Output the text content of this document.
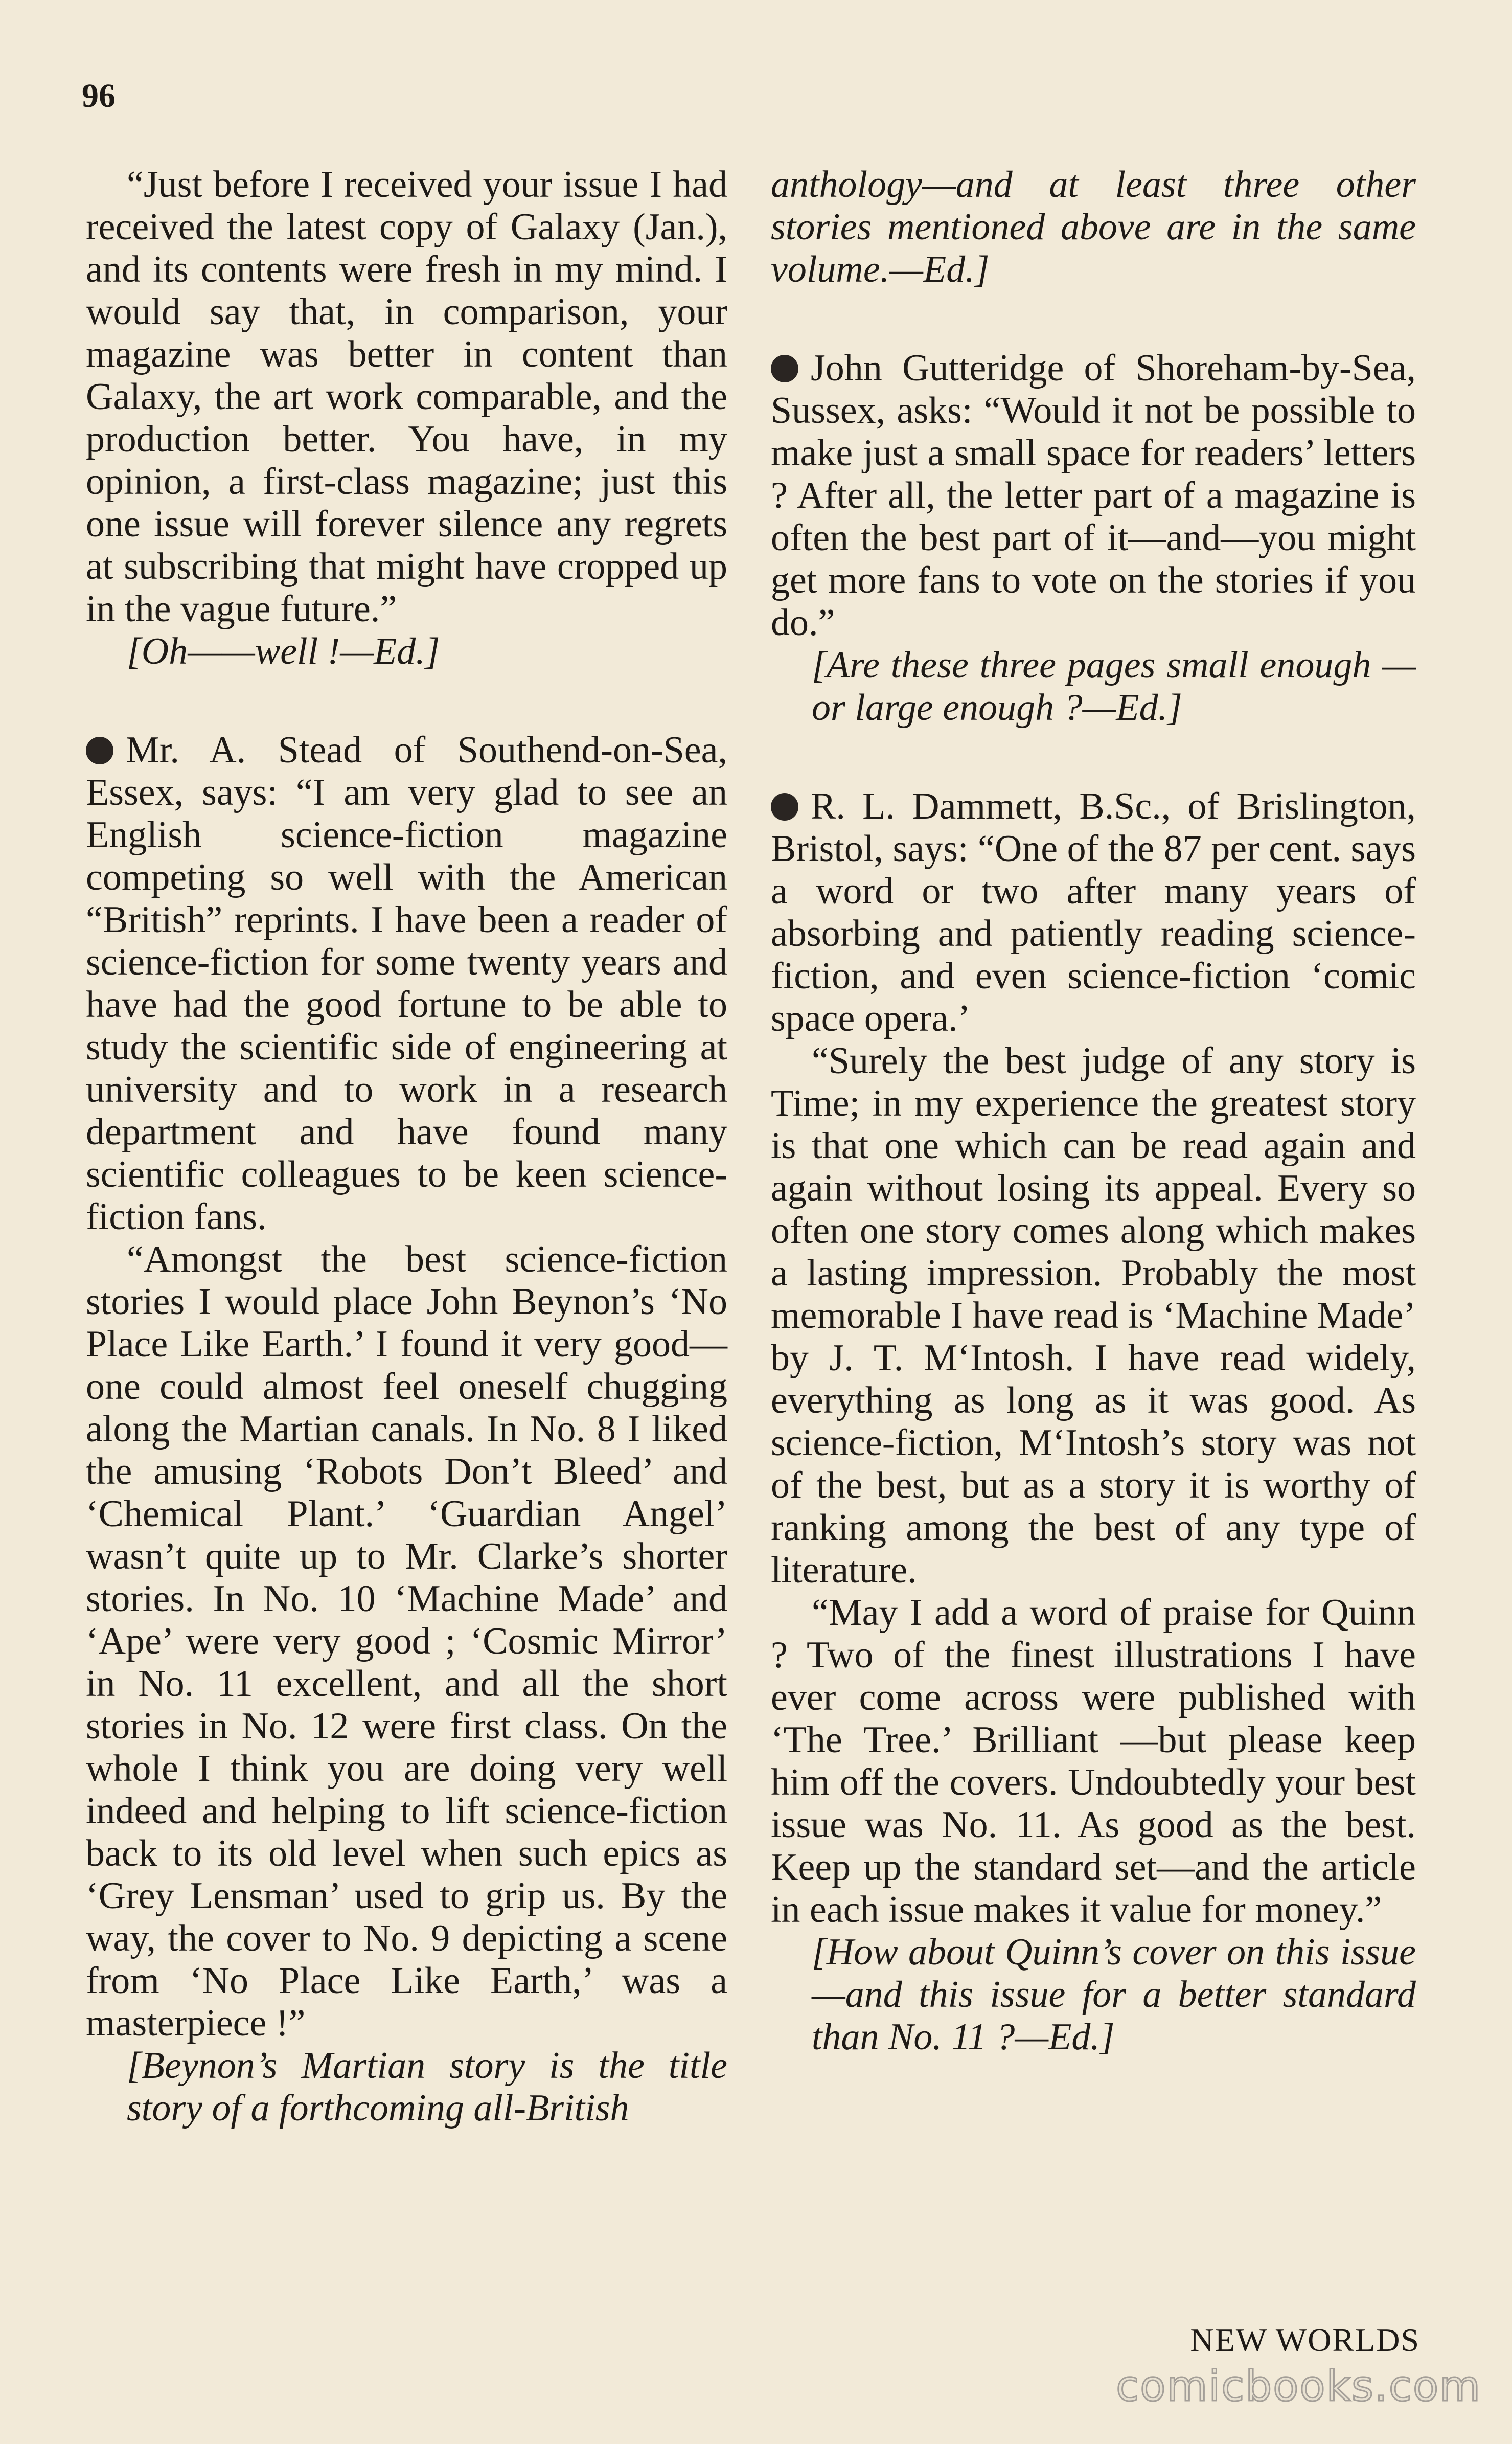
96

“Just before I received your issue I had received the latest copy of Galaxy (Jan.), and its contents were fresh in my mind. I would say that, in comparison, your magazine was better in content than Galaxy, the art work comparable, and the production better. You have, in my opinion, a first-class magazine; just this one issue will forever silence any regrets at subscribing that might have cropped up in the vague future.”

[Oh——well !—Ed.]

Mr. A. Stead of Southend-on-Sea, Essex, says: “I am very glad to see an English science-fiction magazine competing so well with the American “British” reprints. I have been a reader of science-fiction for some twenty years and have had the good fortune to be able to study the scientific side of engineering at university and to work in a research department and have found many scientific colleagues to be keen science-fiction fans.

“Amongst the best science-fiction stories I would place John Beynon’s ‘No Place Like Earth.’ I found it very good—one could almost feel oneself chugging along the Martian canals. In No. 8 I liked the amusing ‘Robots Don’t Bleed’ and ‘Chemical Plant.’ ‘Guardian Angel’ wasn’t quite up to Mr. Clarke’s shorter stories. In No. 10 ‘Machine Made’ and ‘Ape’ were very good ; ‘Cosmic Mirror’ in No. 11 excellent, and all the short stories in No. 12 were first class. On the whole I think you are doing very well indeed and helping to lift science-fiction back to its old level when such epics as ‘Grey Lensman’ used to grip us. By the way, the cover to No. 9 depicting a scene from ‘No Place Like Earth,’ was a masterpiece !”

[Beynon’s Martian story is the title story of a forthcoming all-British

anthology—and at least three other stories mentioned above are in the same volume.—Ed.]

John Gutteridge of Shoreham-by-Sea, Sussex, asks: “Would it not be possible to make just a small space for readers’ letters ? After all, the letter part of a magazine is often the best part of it—and—you might get more fans to vote on the stories if you do.”

[Are these three pages small enough —or large enough ?—Ed.]

R. L. Dammett, B.Sc., of Brislington, Bristol, says: “One of the 87 per cent. says a word or two after many years of absorbing and patiently reading science-fiction, and even science-fiction ‘comic space opera.’

“Surely the best judge of any story is Time; in my experience the greatest story is that one which can be read again and again without losing its appeal. Every so often one story comes along which makes a lasting impression. Probably the most memorable I have read is ‘Machine Made’ by J. T. M‘Intosh. I have read widely, everything as long as it was good. As science-fiction, M‘Intosh’s story was not of the best, but as a story it is worthy of ranking among the best of any type of literature.

“May I add a word of praise for Quinn ? Two of the finest illustrations I have ever come across were published with ‘The Tree.’ Brilliant —but please keep him off the covers. Undoubtedly your best issue was No. 11. As good as the best. Keep up the standard set—and the article in each issue makes it value for money.”

[How about Quinn’s cover on this issue—and this issue for a better standard than No. 11 ?—Ed.]

NEW WORLDS
comicbooks.com
